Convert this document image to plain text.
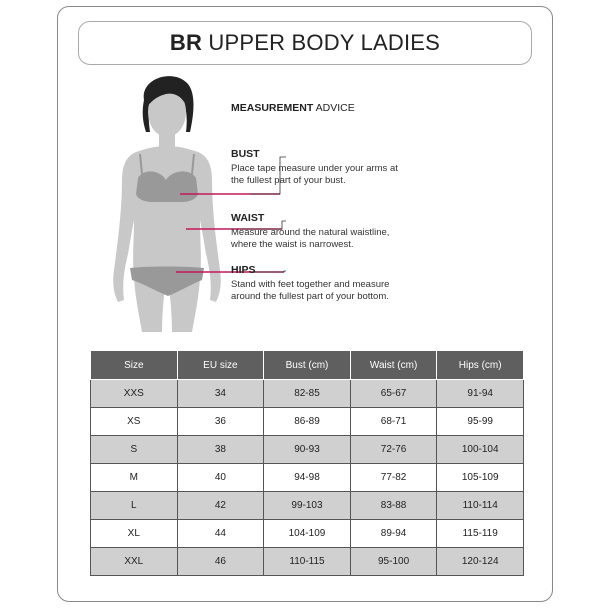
BR UPPER BODY LADIES
MEASUREMENT ADVICE
BUST
Place tape measure under your arms at
the fullest part of your bust.
WAIST
Measure around the natural waistline,
where the waist is narrowest.
HIPS
Stand with feet together and measure
around the fullest part of your bottom.
Size	EU size	Bust (cm)	Waist (cm)	Hips (cm)
XXS	34	82-85	65-67	91-94
XS	36	86-89	68-71	95-99
S	38	90-93	72-76	100-104
M	40	94-98	77-82	105-109
L	42	99-103	83-88	110-114
XL	44	104-109	89-94	115-119
XXL	46	110-115	95-100	120-124
